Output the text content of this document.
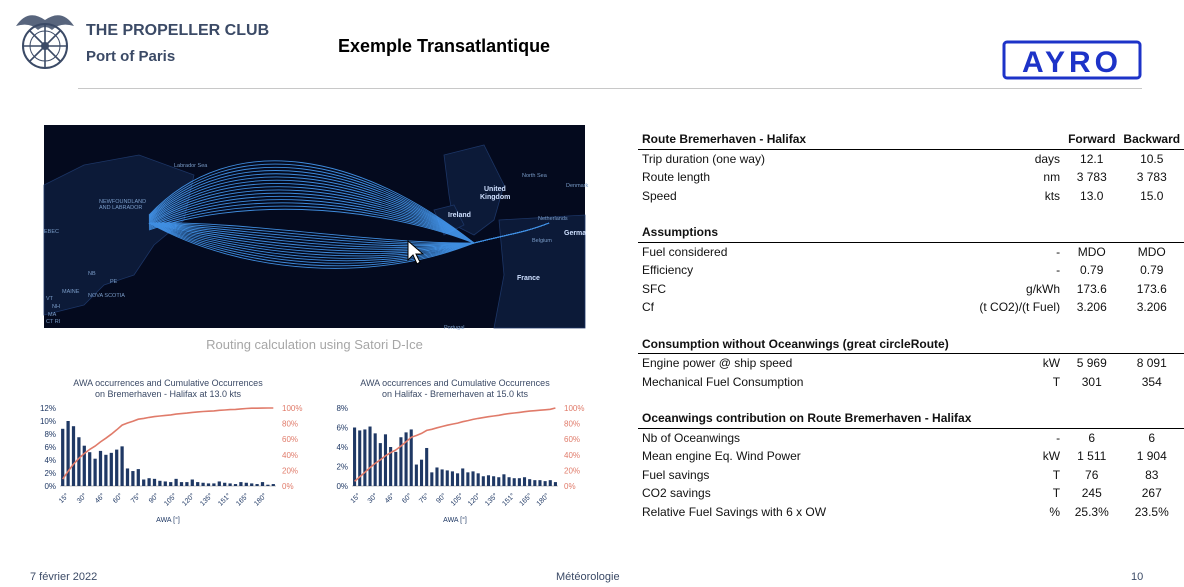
THE PROPELLER CLUB
Port of Paris
Exemple Transatlantique	AYRO
Labrador Sea
NEWFOUNDLAND
AND LABRADOR
North Sea
Denmark
United
Kingdom
Ireland	Netherlands
Germa
Belgium
France
EBEC
NB
PE
MAINE
NOVA SCOTIA
VT
NH
MA
CT RI
Portugal
Routing calculation using Satori D-Ice
AWA occurrences and Cumulative Occurrences
on Bremerhaven - Halifax at 13.0 kts
0%
2%
4%
6%
8%
10%
12%
0%
20%
40%
60%
80%
100%
15° 30° 46° 60° 75° 90° 105° 120° 135° 151° 165° 180°
AWA [°]
AWA occurrences and Cumulative Occurrences
on Halifax - Bremerhaven at 15.0 kts
0%
2%
4%
6%
8%
0%
20%
40%
60%
80%
100%
15° 30° 46° 60° 75° 90° 105° 120° 135° 151° 165° 180°
AWA [°]
Route Bremerhaven - Halifax		Forward	Backward
Trip duration (one way)	days	12.1	10.5
Route length	nm	3 783	3 783
Speed	kts	13.0	15.0

Assumptions			
Fuel considered	-	MDO	MDO
Efficiency	-	0.79	0.79
SFC	g/kWh	173.6	173.6
Cf	(t CO2)/(t Fuel)	3.206	3.206

Consumption without Oceanwings (great circleRoute)			
Engine power @ ship speed	kW	5 969	8 091
Mechanical Fuel Consumption	T	301	354

Oceanwings contribution on Route Bremerhaven - Halifax			
Nb of Oceanwings	-	6	6
Mean engine Eq. Wind Power	kW	1 511	1 904
Fuel savings	T	76	83
CO2 savings	T	245	267
Relative Fuel Savings with 6 x OW	%	25.3%	23.5%
7 février 2022	Météorologie	10
